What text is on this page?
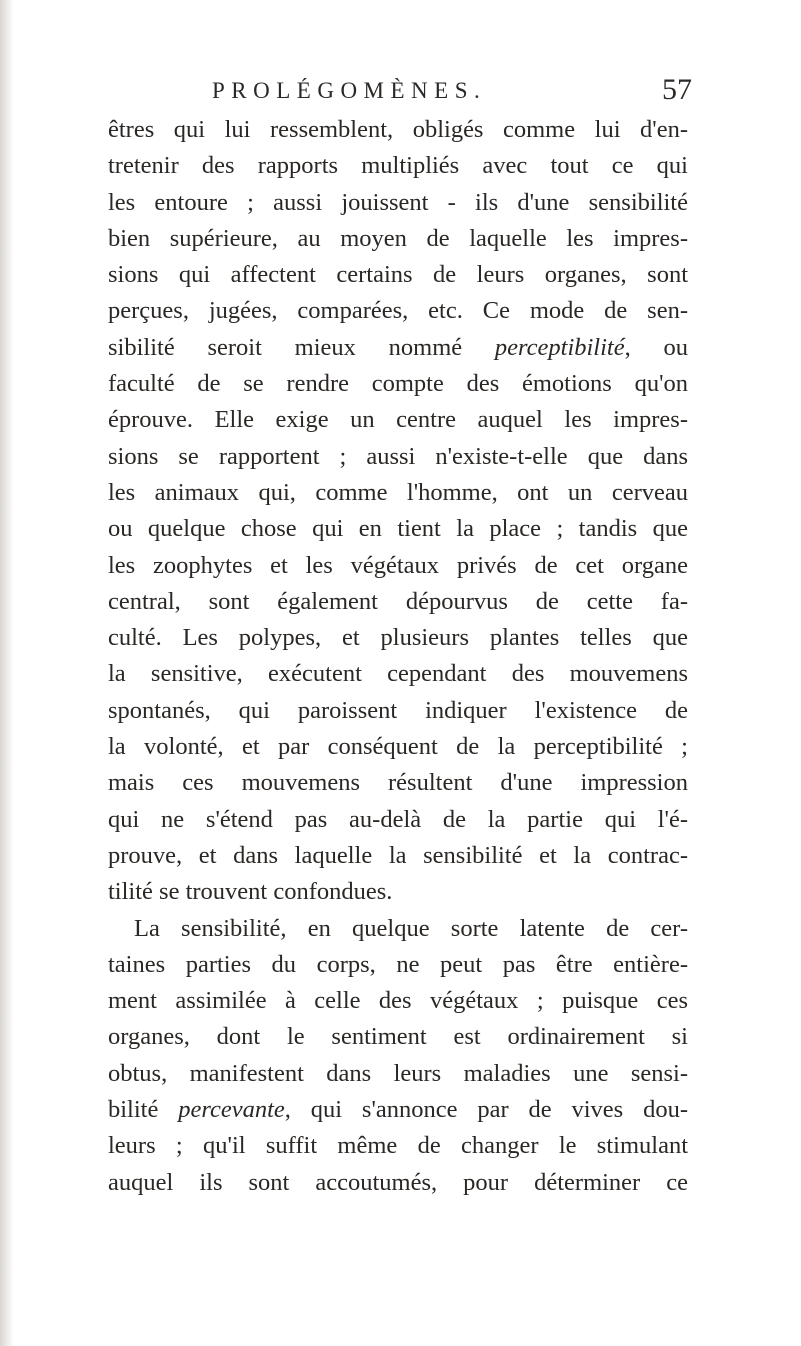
PROLÉGOMÈNES.	57
êtres qui lui ressemblent, obligés comme lui d'en-
tretenir des rapports multipliés avec tout ce qui
les entoure ; aussi jouissent - ils d'une sensibilité
bien supérieure, au moyen de laquelle les impres-
sions qui affectent certains de leurs organes, sont
perçues, jugées, comparées, etc. Ce mode de sen-
sibilité seroit mieux nommé perceptibilité, ou
faculté de se rendre compte des émotions qu'on
éprouve. Elle exige un centre auquel les impres-
sions se rapportent ; aussi n'existe-t-elle que dans
les animaux qui, comme l'homme, ont un cerveau
ou quelque chose qui en tient la place ; tandis que
les zoophytes et les végétaux privés de cet organe
central, sont également dépourvus de cette fa-
culté. Les polypes, et plusieurs plantes telles que
la sensitive, exécutent cependant des mouvemens
spontanés, qui paroissent indiquer l'existence de
la volonté, et par conséquent de la perceptibilité ;
mais ces mouvemens résultent d'une impression
qui ne s'étend pas au-delà de la partie qui l'é-
prouve, et dans laquelle la sensibilité et la contrac-
tilité se trouvent confondues.
La sensibilité, en quelque sorte latente de cer-
taines parties du corps, ne peut pas être entière-
ment assimilée à celle des végétaux ; puisque ces
organes, dont le sentiment est ordinairement si
obtus, manifestent dans leurs maladies une sensi-
bilité percevante, qui s'annonce par de vives dou-
leurs ; qu'il suffit même de changer le stimulant
auquel ils sont accoutumés, pour déterminer ce
